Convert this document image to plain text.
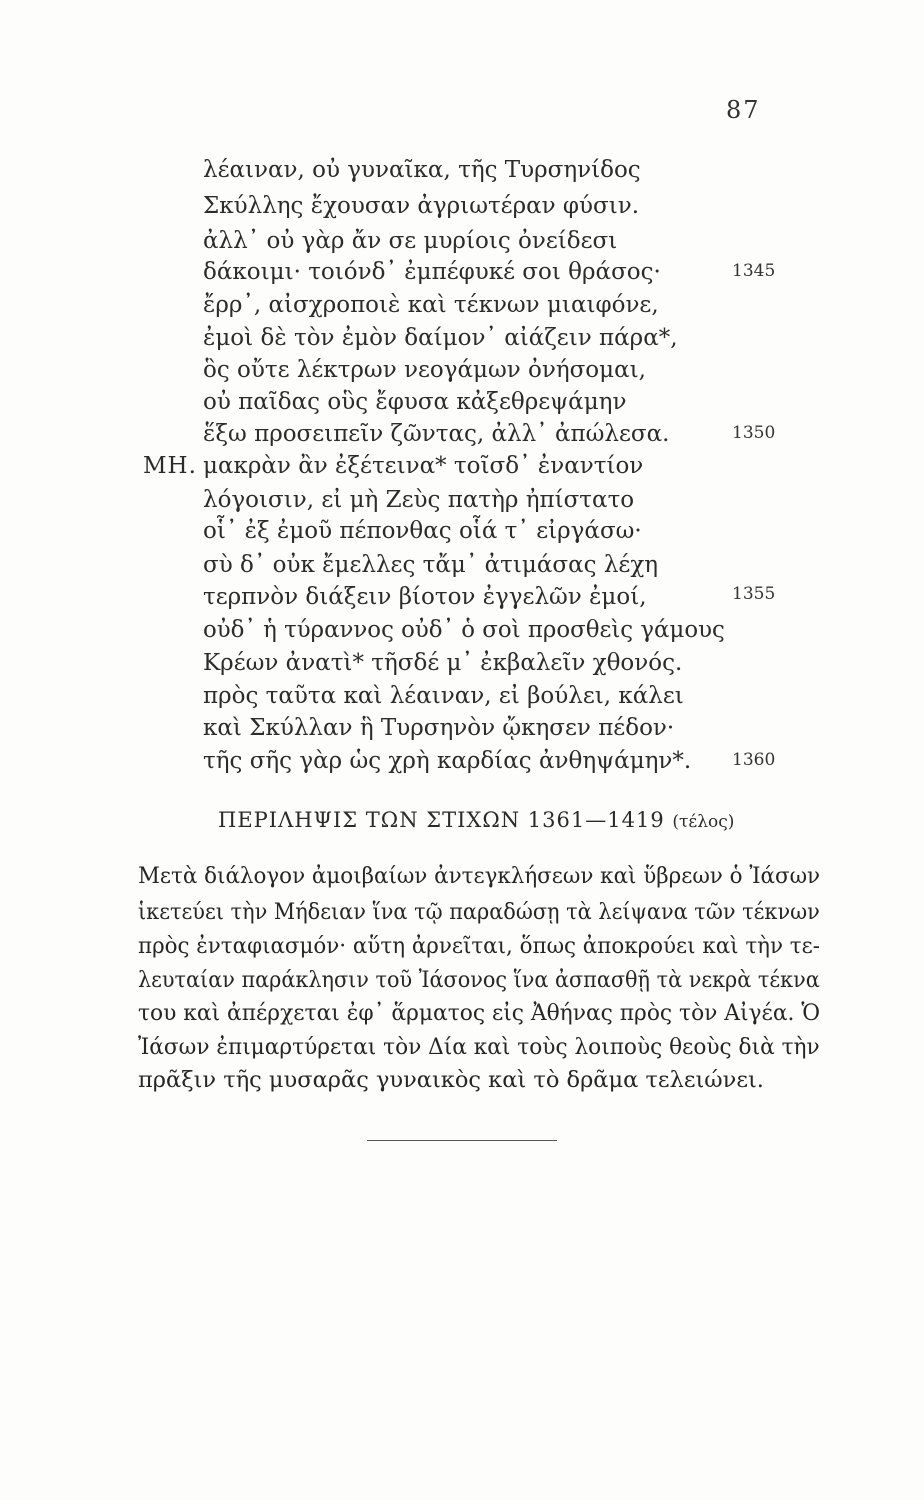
87
λέαιναν, οὐ γυναῖκα, τῆς Τυρσηνίδος
Σκύλλης ἔχουσαν ἀγριωτέραν φύσιν.
ἀλλ᾿ οὐ γὰρ ἄν σε μυρίοις ὀνείδεσι
δάκοιμι· τοιόνδ᾿ ἐμπέφυκέ σοι θράσος·	1345
ἔρρ᾿, αἰσχροποιὲ καὶ τέκνων μιαιφόνε,
ἐμοὶ δὲ τὸν ἐμὸν δαίμον᾿ αἰάζειν πάρα*,
ὃς οὔτε λέκτρων νεογάμων ὀνήσομαι,
οὐ παῖδας οὓς ἔφυσα κἀξεθρεψάμην
ἕξω προσειπεῖν ζῶντας, ἀλλ᾿ ἀπώλεσα.	1350
ΜΗ. μακρὰν ἂν ἐξέτεινα* τοῖσδ᾿ ἐναντίον
λόγοισιν, εἰ μὴ Ζεὺς πατὴρ ἠπίστατο
οἷ᾿ ἐξ ἐμοῦ πέπονθας οἷά τ᾿ εἰργάσω·
σὺ δ᾿ οὐκ ἔμελλες τἄμ᾿ ἀτιμάσας λέχη
τερπνὸν διάξειν βίοτον ἐγγελῶν ἐμοί,	1355
οὐδ᾿ ἡ τύραννος οὐδ᾿ ὁ σοὶ προσθεὶς γάμους
Κρέων ἀνατὶ* τῆσδέ μ᾿ ἐκβαλεῖν χθονός.
πρὸς ταῦτα καὶ λέαιναν, εἰ βούλει, κάλει
καὶ Σκύλλαν ἣ Τυρσηνὸν ᾤκησεν πέδον·
τῆς σῆς γὰρ ὡς χρὴ καρδίας ἀνθηψάμην*. 1360
ΠΕΡΙΛΗΨΙΣ ΤΩΝ ΣΤΙΧΩΝ 1361—1419 (τέλος)
Μετὰ διάλογον ἀμοιβαίων ἀντεγκλήσεων καὶ ὕβρεων ὁ Ἰάσων
ἱκετεύει τὴν Μήδειαν ἵνα τῷ παραδώσῃ τὰ λείψανα τῶν τέκνων
πρὸς ἐνταφιασμόν· αὕτη ἀρνεῖται, ὅπως ἀποκρούει καὶ τὴν τε-
λευταίαν παράκλησιν τοῦ Ἰάσονος ἵνα ἀσπασθῇ τὰ νεκρὰ τέκνα
του καὶ ἀπέρχεται ἐφ᾿ ἅρματος εἰς Ἀθήνας πρὸς τὸν Αἰγέα. Ὁ
Ἰάσων ἐπιμαρτύρεται τὸν Δία καὶ τοὺς λοιποὺς θεοὺς διὰ τὴν
πρᾶξιν τῆς μυσαρᾶς γυναικὸς καὶ τὸ δρᾶμα τελειώνει.
